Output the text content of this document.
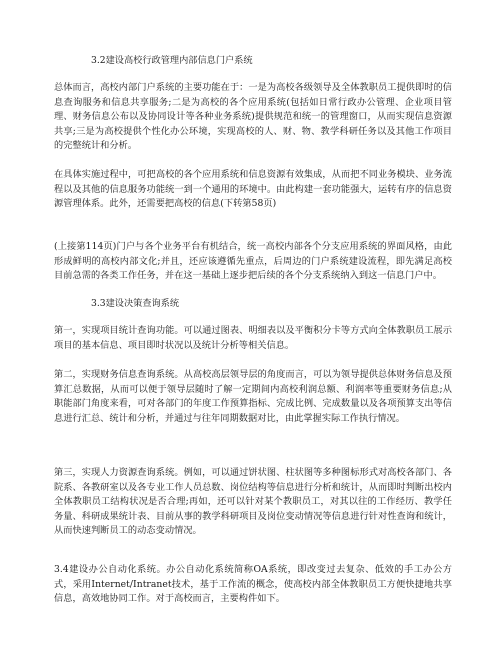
3.2建设高校行政管理内部信息门户系统
总体而言，高校内部门户系统的主要功能在于：一是为高校各级领导及全体教职员工提供即时的信息查询服务和信息共享服务;二是为高校的各个应用系统(包括如日常行政办公管理、企业项目管理、财务信息公布以及协同设计等各种业务系统)提供规范和统一的管理窗口，从而实现信息资源共享;三是为高校提供个性化办公环境，实现高校的人、财、物、教学科研任务以及其他工作项目的完整统计和分析。
在具体实施过程中，可把高校的各个应用系统和信息资源有效集成，从而把不同业务模块、业务流程以及其他的信息服务功能统一到一个通用的环境中。由此构建一套功能强大，运转有序的信息资源管理体系。此外，还需要把高校的信息(下转第58页)
(上接第114页)门户与各个业务平台有机结合，统一高校内部各个分支应用系统的界面风格，由此形成鲜明的高校内部文化;并且，还应该遵循先重点，后周边的门户系统建设流程，即先满足高校目前急需的各类工作任务，并在这一基础上逐步把后续的各个分支系统纳入到这一信息门户中。
3.3建设决策查询系统
第一，实现项目统计查询功能。可以通过图表、明细表以及平衡积分卡等方式向全体教职员工展示项目的基本信息、项目即时状况以及统计分析等相关信息。
第二，实现财务信息查询系统。从高校高层领导层的角度而言，可以为领导提供总体财务信息及预算汇总数据，从而可以便于领导层随时了解一定期间内高校利润总额、利润率等重要财务信息;从职能部门角度来看，可对各部门的年度工作预算指标、完成比例、完成数量以及各项预算支出等信息进行汇总、统计和分析，并通过与往年同期数据对比，由此掌握实际工作执行情况。
第三，实现人力资源查询系统。例如，可以通过饼状图、柱状图等多种图标形式对高校各部门、各院系、各教研室以及各专业工作人员总数、岗位结构等信息进行分析和统计，从而即时判断出校内全体教职员工结构状况是否合理;再如，还可以针对某个教职员工，对其以往的工作经历、教学任务量、科研成果统计表、目前从事的教学科研项目及岗位变动情况等信息进行针对性查询和统计，从而快速判断员工的动态变动情况。
3.4建设办公自动化系统。办公自动化系统简称OA系统，即改变过去复杂、低效的手工办公方式，采用Internet/Intranet技术，基于工作流的概念，使高校内部全体教职员工方便快捷地共享信息，高效地协同工作。对于高校而言，主要构件如下。
